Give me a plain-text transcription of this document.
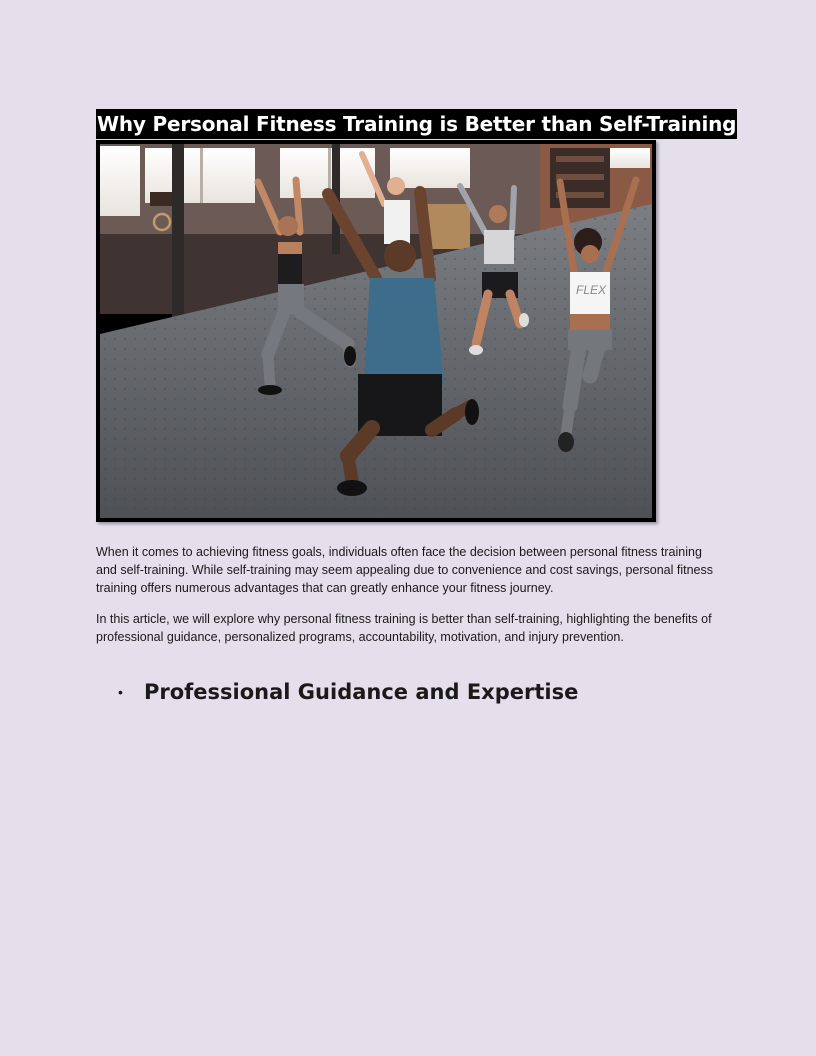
Why Personal Fitness Training is Better than Self-Training
FLEX

When it comes to achieving fitness goals, individuals often face the decision between personal fitness training and self-training. While self-training may seem appealing due to convenience and cost savings, personal fitness training offers numerous advantages that can greatly enhance your fitness journey.

In this article, we will explore why personal fitness training is better than self-training, highlighting the benefits of professional guidance, personalized programs, accountability, motivation, and injury prevention.

•	Professional Guidance and Expertise
